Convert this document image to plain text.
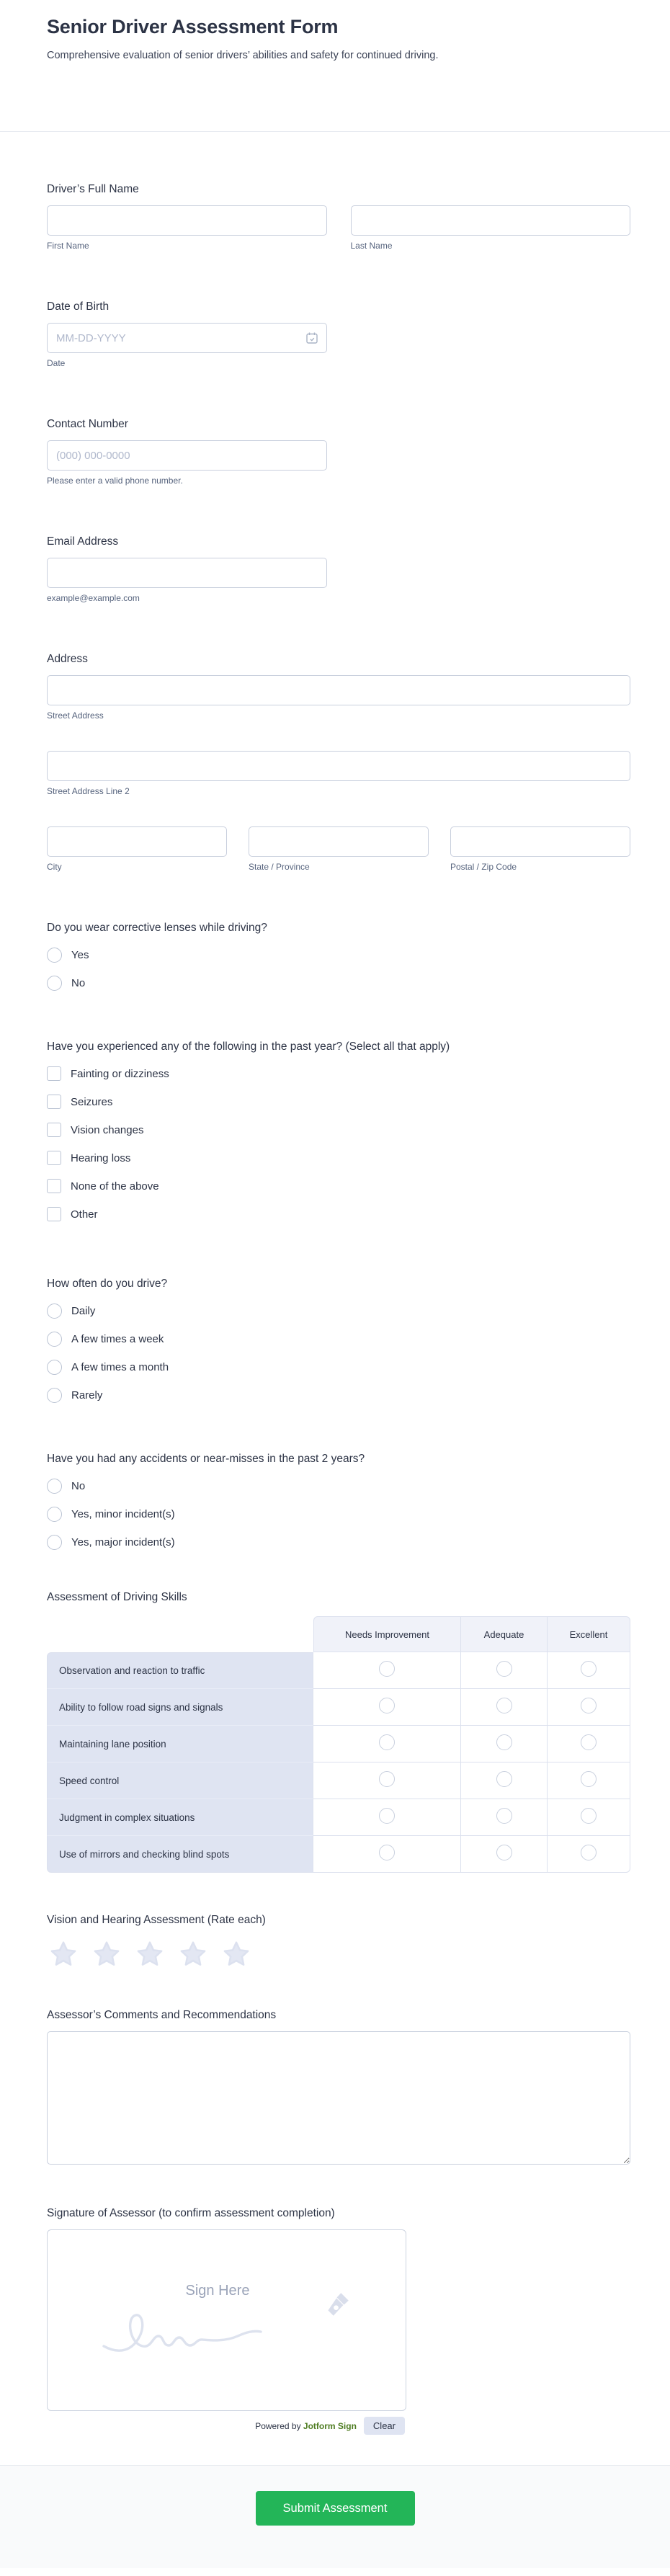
Senior Driver Assessment Form

Comprehensive evaluation of senior drivers’ abilities and safety for continued driving.

Driver’s Full Name
First Name	Last Name
Date of Birth
MM-DD-YYYY
Date
Contact Number
(000) 000-0000
Please enter a valid phone number.
Email Address
example@example.com
Address
Street Address
Street Address Line 2
City	State / Province	Postal / Zip Code
Do you wear corrective lenses while driving?
Yes
No
Have you experienced any of the following in the past year? (Select all that apply)
Fainting or dizziness
Seizures
Vision changes
Hearing loss
None of the above
Other
How often do you drive?
Daily
A few times a week
A few times a month
Rarely
Have you had any accidents or near-misses in the past 2 years?
No
Yes, minor incident(s)
Yes, major incident(s)
Assessment of Driving Skills
	Needs Improvement	Adequate	Excellent
Observation and reaction to traffic			
Ability to follow road signs and signals			
Maintaining lane position			
Speed control			
Judgment in complex situations			
Use of mirrors and checking blind spots			
Vision and Hearing Assessment (Rate each)
Assessor’s Comments and Recommendations
Signature of Assessor (to confirm assessment completion)
Sign Here
Powered by Jotform Sign	Clear
Submit Assessment
